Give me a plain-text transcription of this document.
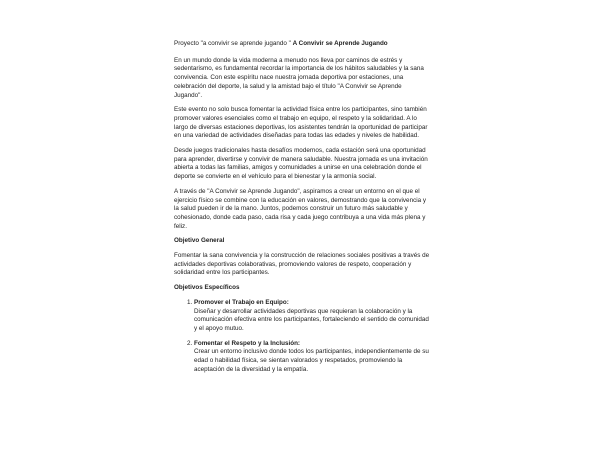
Proyecto "a convivir se aprende jugando " A Convivir se Aprende Jugando

En un mundo donde la vida moderna a menudo nos lleva por caminos de estrés y sedentarismo, es fundamental recordar la importancia de los hábitos saludables y la sana convivencia. Con este espíritu nace nuestra jornada deportiva por estaciones, una celebración del deporte, la salud y la amistad bajo el título "A Convivir se Aprende Jugando".

Este evento no solo busca fomentar la actividad física entre los participantes, sino también promover valores esenciales como el trabajo en equipo, el respeto y la solidaridad. A lo largo de diversas estaciones deportivas, los asistentes tendrán la oportunidad de participar en una variedad de actividades diseñadas para todas las edades y niveles de habilidad.

Desde juegos tradicionales hasta desafíos modernos, cada estación será una oportunidad para aprender, divertirse y convivir de manera saludable. Nuestra jornada es una invitación abierta a todas las familias, amigos y comunidades a unirse en una celebración donde el deporte se convierte en el vehículo para el bienestar y la armonía social.

A través de "A Convivir se Aprende Jugando", aspiramos a crear un entorno en el que el ejercicio físico se combine con la educación en valores, demostrando que la convivencia y la salud pueden ir de la mano. Juntos, podemos construir un futuro más saludable y cohesionado, donde cada paso, cada risa y cada juego contribuya a una vida más plena y feliz.

Objetivo General

Fomentar la sana convivencia y la construcción de relaciones sociales positivas a través de actividades deportivas colaborativas, promoviendo valores de respeto, cooperación y solidaridad entre los participantes.

Objetivos Específicos

1. Promover el Trabajo en Equipo:
Diseñar y desarrollar actividades deportivas que requieran la colaboración y la comunicación efectiva entre los participantes, fortaleciendo el sentido de comunidad y el apoyo mutuo.
2. Fomentar el Respeto y la Inclusión:
Crear un entorno inclusivo donde todos los participantes, independientemente de su edad o habilidad física, se sientan valorados y respetados, promoviendo la aceptación de la diversidad y la empatía.
